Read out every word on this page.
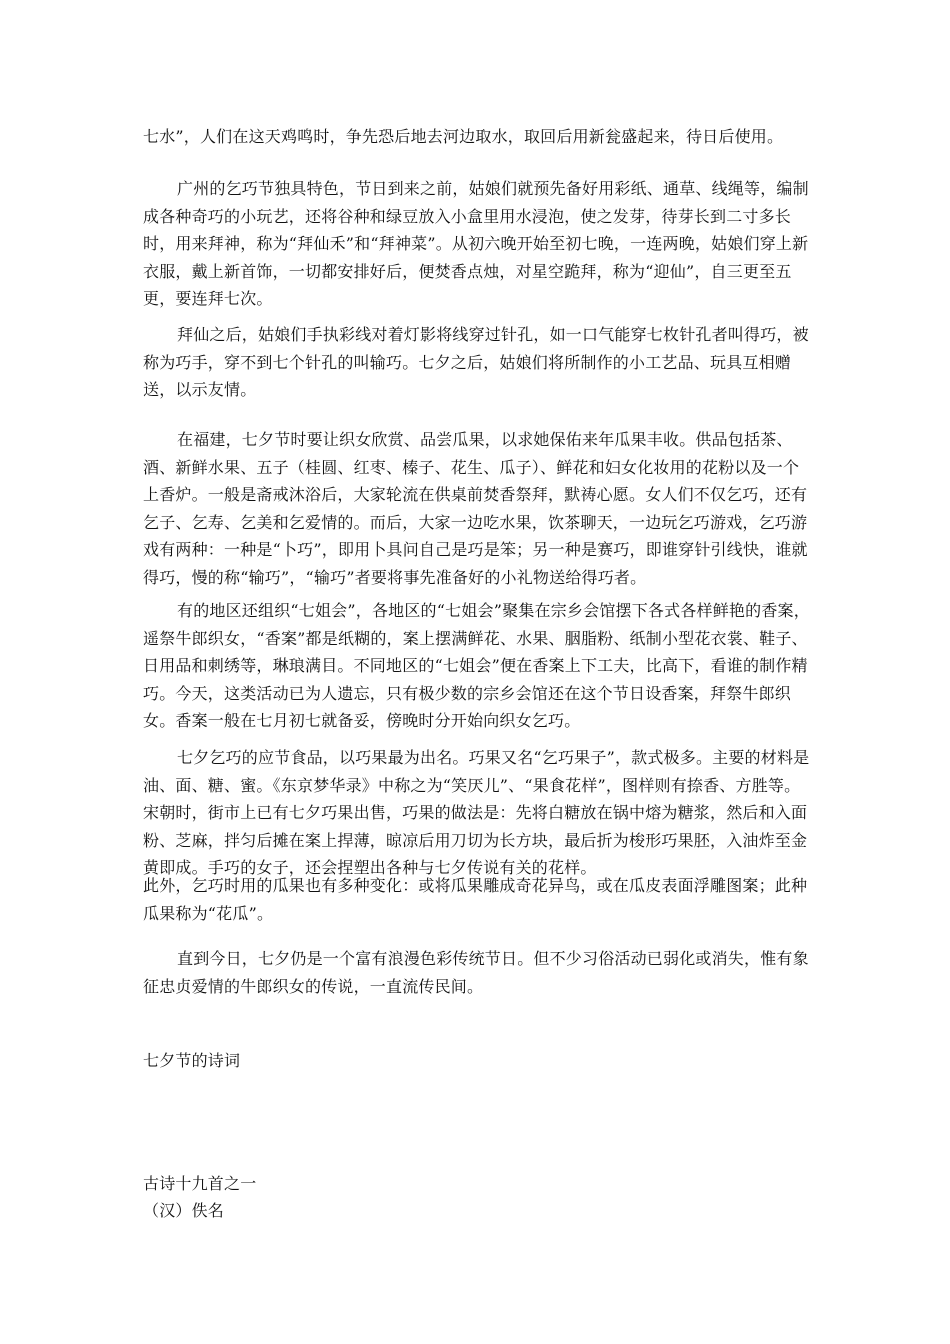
七水”，人们在这天鸡鸣时，争先恐后地去河边取水，取回后用新瓮盛起来，待日后使用。

广州的乞巧节独具特色，节日到来之前，姑娘们就预先备好用彩纸、通草、线绳等，编制成各种奇巧的小玩艺，还将谷种和绿豆放入小盒里用水浸泡，使之发芽，待芽长到二寸多长时，用来拜神，称为“拜仙禾”和“拜神菜”。从初六晚开始至初七晚，一连两晚，姑娘们穿上新衣服，戴上新首饰，一切都安排好后，便焚香点烛，对星空跪拜，称为“迎仙”，自三更至五更，要连拜七次。

拜仙之后，姑娘们手执彩线对着灯影将线穿过针孔，如一口气能穿七枚针孔者叫得巧，被称为巧手，穿不到七个针孔的叫输巧。七夕之后，姑娘们将所制作的小工艺品、玩具互相赠送，以示友情。

在福建，七夕节时要让织女欣赏、品尝瓜果，以求她保佑来年瓜果丰收。供品包括茶、酒、新鲜水果、五子（桂圆、红枣、榛子、花生、瓜子）、鲜花和妇女化妆用的花粉以及一个上香炉。一般是斋戒沐浴后，大家轮流在供桌前焚香祭拜，默祷心愿。女人们不仅乞巧，还有乞子、乞寿、乞美和乞爱情的。而后，大家一边吃水果，饮茶聊天，一边玩乞巧游戏，乞巧游戏有两种：一种是“卜巧”，即用卜具问自己是巧是笨；另一种是赛巧，即谁穿针引线快，谁就得巧，慢的称“输巧”，“输巧”者要将事先准备好的小礼物送给得巧者。

有的地区还组织“七姐会”，各地区的“七姐会”聚集在宗乡会馆摆下各式各样鲜艳的香案，遥祭牛郎织女，“香案”都是纸糊的，案上摆满鲜花、水果、胭脂粉、纸制小型花衣裳、鞋子、日用品和刺绣等，琳琅满目。不同地区的“七姐会”便在香案上下工夫，比高下，看谁的制作精巧。今天，这类活动已为人遗忘，只有极少数的宗乡会馆还在这个节日设香案，拜祭牛郎织女。香案一般在七月初七就备妥，傍晚时分开始向织女乞巧。

七夕乞巧的应节食品，以巧果最为出名。巧果又名“乞巧果子”，款式极多。主要的材料是油、面、糖、蜜。《东京梦华录》中称之为“笑厌儿”、“果食花样”，图样则有捺香、方胜等。宋朝时，街市上已有七夕巧果出售，巧果的做法是：先将白糖放在锅中熔为糖浆，然后和入面粉、芝麻，拌匀后摊在案上捍薄，晾凉后用刀切为长方块，最后折为梭形巧果胚，入油炸至金黄即成。手巧的女子，还会捏塑出各种与七夕传说有关的花样。

此外，乞巧时用的瓜果也有多种变化：或将瓜果雕成奇花异鸟，或在瓜皮表面浮雕图案；此种瓜果称为“花瓜”。

直到今日，七夕仍是一个富有浪漫色彩传统节日。但不少习俗活动已弱化或消失，惟有象征忠贞爱情的牛郎织女的传说，一直流传民间。

七夕节的诗词

古诗十九首之一

（汉）佚名
